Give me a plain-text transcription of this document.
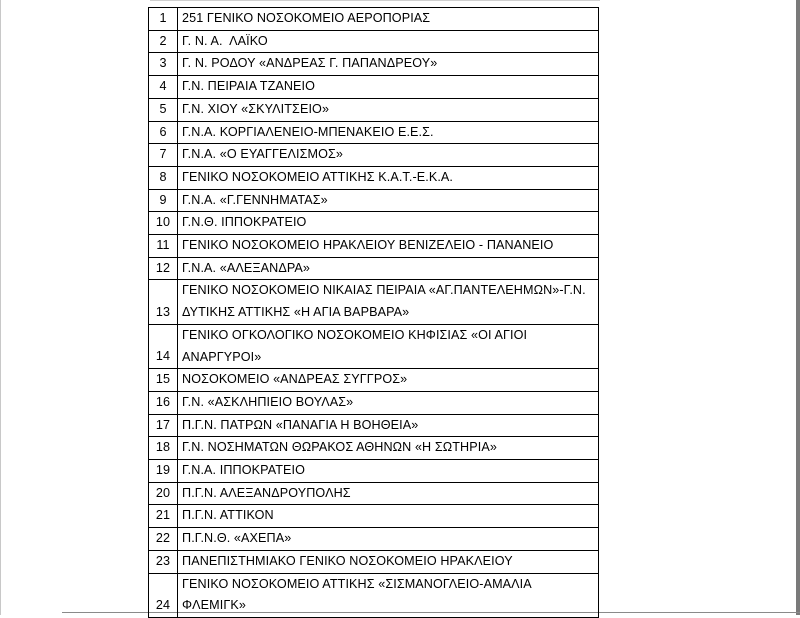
1	251 ΓΕΝΙΚΟ ΝΟΣΟΚΟΜΕΙΟ ΑΕΡΟΠΟΡΙΑΣ
2	Γ. Ν. Α.  ΛΑΪΚΟ
3	Γ. Ν. ΡΟΔΟΥ «ΑΝΔΡΕΑΣ Γ. ΠΑΠΑΝΔΡΕΟΥ»
4	Γ.Ν. ΠΕΙΡΑΙΑ ΤΖΑΝΕΙΟ
5	Γ.Ν. ΧΙΟΥ «ΣΚΥΛΙΤΣΕΙΟ»
6	Γ.Ν.Α. ΚΟΡΓΙΑΛΕΝΕΙΟ-ΜΠΕΝΑΚΕΙΟ Ε.Ε.Σ.
7	Γ.Ν.Α. «Ο ΕΥΑΓΓΕΛΙΣΜΟΣ»
8	ΓΕΝΙΚΟ ΝΟΣΟΚΟΜΕΙΟ ΑΤΤΙΚΗΣ Κ.Α.Τ.-Ε.Κ.Α.
9	Γ.Ν.Α. «Γ.ΓΕΝΝΗΜΑΤΑΣ»
10	Γ.Ν.Θ. ΙΠΠΟΚΡΑΤΕΙΟ
11	ΓΕΝΙΚΟ ΝΟΣΟΚΟΜΕΙΟ ΗΡΑΚΛΕΙΟΥ ΒΕΝΙΖΕΛΕΙΟ - ΠΑΝΑΝΕΙΟ
12	Γ.Ν.Α. «ΑΛΕΞΑΝΔΡΑ»
13	ΓΕΝΙΚΟ ΝΟΣΟΚΟΜΕΙΟ ΝΙΚΑΙΑΣ ΠΕΙΡΑΙΑ «ΑΓ.ΠΑΝΤΕΛΕΗΜΩΝ»-Γ.Ν. ΔΥΤΙΚΗΣ ΑΤΤΙΚΗΣ «Η ΑΓΙΑ ΒΑΡΒΑΡΑ»
14	ΓΕΝΙΚΟ ΟΓΚΟΛΟΓΙΚΟ ΝΟΣΟΚΟΜΕΙΟ ΚΗΦΙΣΙΑΣ «ΟΙ ΑΓΙΟΙ ΑΝΑΡΓΥΡΟΙ»
15	ΝΟΣΟΚΟΜΕΙΟ «ΑΝΔΡΕΑΣ ΣΥΓΓΡΟΣ»
16	Γ.Ν. «ΑΣΚΛΗΠΙΕΙΟ ΒΟΥΛΑΣ»
17	Π.Γ.Ν. ΠΑΤΡΩΝ «ΠΑΝΑΓΙΑ Η ΒΟΗΘΕΙΑ»
18	Γ.Ν. ΝΟΣΗΜΑΤΩΝ ΘΩΡΑΚΟΣ ΑΘΗΝΩΝ «Η ΣΩΤΗΡΙΑ»
19	Γ.Ν.Α. ΙΠΠΟΚΡΑΤΕΙΟ
20	Π.Γ.Ν. ΑΛΕΞΑΝΔΡΟΥΠΟΛΗΣ
21	Π.Γ.Ν. ΑΤΤΙΚΟΝ
22	Π.Γ.Ν.Θ. «ΑΧΕΠΑ»
23	ΠΑΝΕΠΙΣΤΗΜΙΑΚΟ ΓΕΝΙΚΟ ΝΟΣΟΚΟΜΕΙΟ ΗΡΑΚΛΕΙΟΥ
24	ΓΕΝΙΚΟ ΝΟΣΟΚΟΜΕΙΟ ΑΤΤΙΚΗΣ «ΣΙΣΜΑΝΟΓΛΕΙΟ-ΑΜΑΛΙΑ ΦΛΕΜΙΓΚ»
